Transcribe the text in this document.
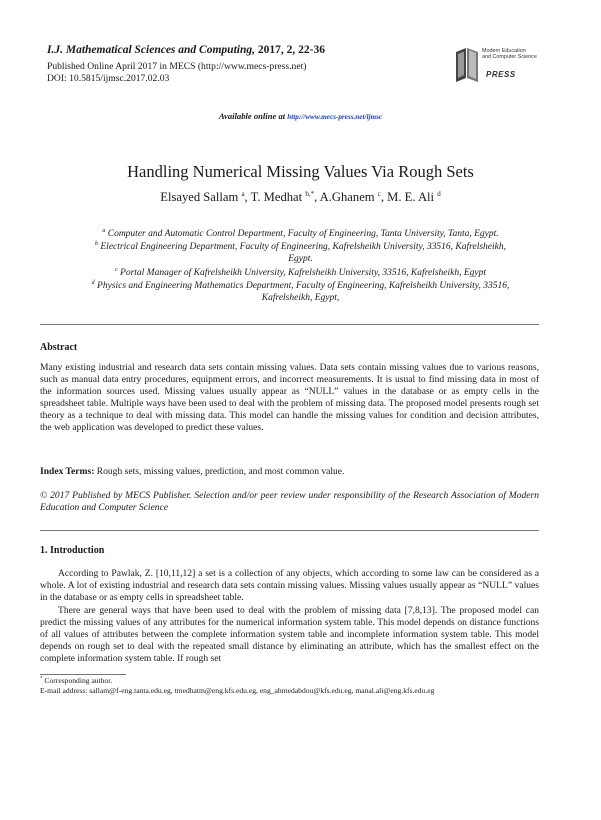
I.J. Mathematical Sciences and Computing, 2017, 2, 22-36
Published Online April 2017 in MECS (http://www.mecs-press.net)
DOI: 10.5815/ijmsc.2017.02.03
Modern Education
and Computer Science
PRESS
Available online at http://www.mecs-press.net/ijmsc
Handling Numerical Missing Values Via Rough Sets
Elsayed Sallam $^a$, T. Medhat $^{b,*}$, A.Ghanem $^c$, M. E. Ali $^d$
$^a$ Computer and Automatic Control Department, Faculty of Engineering, Tanta University, Tanta, Egypt.
$^b$ Electrical Engineering Department, Faculty of Engineering, Kafrelsheikh University, 33516, Kafrelsheikh,
Egypt.
$^c$ Portal Manager of Kafrelsheikh University, Kafrelsheikh University, 33516, Kafrelsheikh, Egypt
$^d$ Physics and Engineering Mathematics Department, Faculty of Engineering, Kafrelsheikh University, 33516,
Kafrelsheikh, Egypt,
Abstract
Many existing industrial and research data sets contain missing values. Data sets contain missing values due to various reasons, such as manual data entry procedures, equipment errors, and incorrect measurements. It is usual to find missing data in most of the information sources used. Missing values usually appear as “NULL” values in the database or as empty cells in the spreadsheet table. Multiple ways have been used to deal with the problem of missing data. The proposed model presents rough set theory as a technique to deal with missing data. This model can handle the missing values for condition and decision attributes, the web application was developed to predict these values.
Index Terms: Rough sets, missing values, prediction, and most common value.
© 2017 Published by MECS Publisher. Selection and/or peer review under responsibility of the Research Association of Modern Education and Computer Science
1. Introduction
According to Pawlak, Z. [10,11,12] a set is a collection of any objects, which according to some law can be considered as a whole. A lot of existing industrial and research data sets contain missing values. Missing values usually appear as “NULL” values in the database or as empty cells in spreadsheet table.
There are general ways that have been used to deal with the problem of missing data [7,8,13]. The proposed model can predict the missing values of any attributes for the numerical information system table. This model depends on distance functions of all values of attributes between the complete information system table and incomplete information system table. This model depends on rough set to deal with the repeated small distance by eliminating an attribute, which has the smallest effect on the complete information system table. If rough set
* Corresponding author.
E-mail address: sallam@f-eng.tanta.edu.eg, tmedhatm@eng.kfs.edu.eg, eng_ahmedabdou@kfs.edu.eg, manal.ali@eng.kfs.edu.eg
